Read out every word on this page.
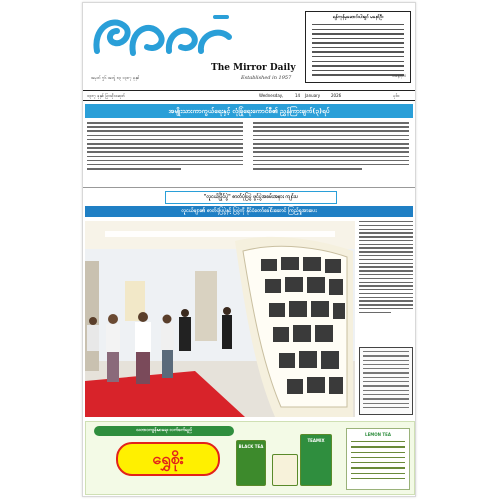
အမှတ် ၅၆ အတွဲ ၈၃ ၁၃၈၇ ခုနှစ်
The Mirror Daily
Established in 1957
ရန်ကုန်မှဆောင်းပါးရှင် မနော်ဦး
ယနေ့ထုတ်
၁၃၈၇ ခုနှစ် ပြာသိုလဆုတ်	Wednesday,	14 January	2026	ပုဒ်၁
အမျိုးသားကာကွယ်ရေးနှင့် လုံခြုံရေးကောင်စီ၏ ညွှန်ကြားချက်(၃)ရပ်
"လူငယ်ပြိုင်ပွဲ" ဓာတ်ပုံပြပွဲ ဖွင့်ပွဲအခမ်းအနား ကျင်းပ
လူငယ်များ၏ ဓာတ်ပုံပြပွဲနှင့် ပြပွဲကို နိုင်ငံတော်ခေါင်းဆောင် ကြည့်ရှုအားပေး
သဘာဝကျန်းမာရေး လက်ဖက်ရည်
ရွှေစိုး
BLACK TEA
TEAMIX
LEMON TEA
